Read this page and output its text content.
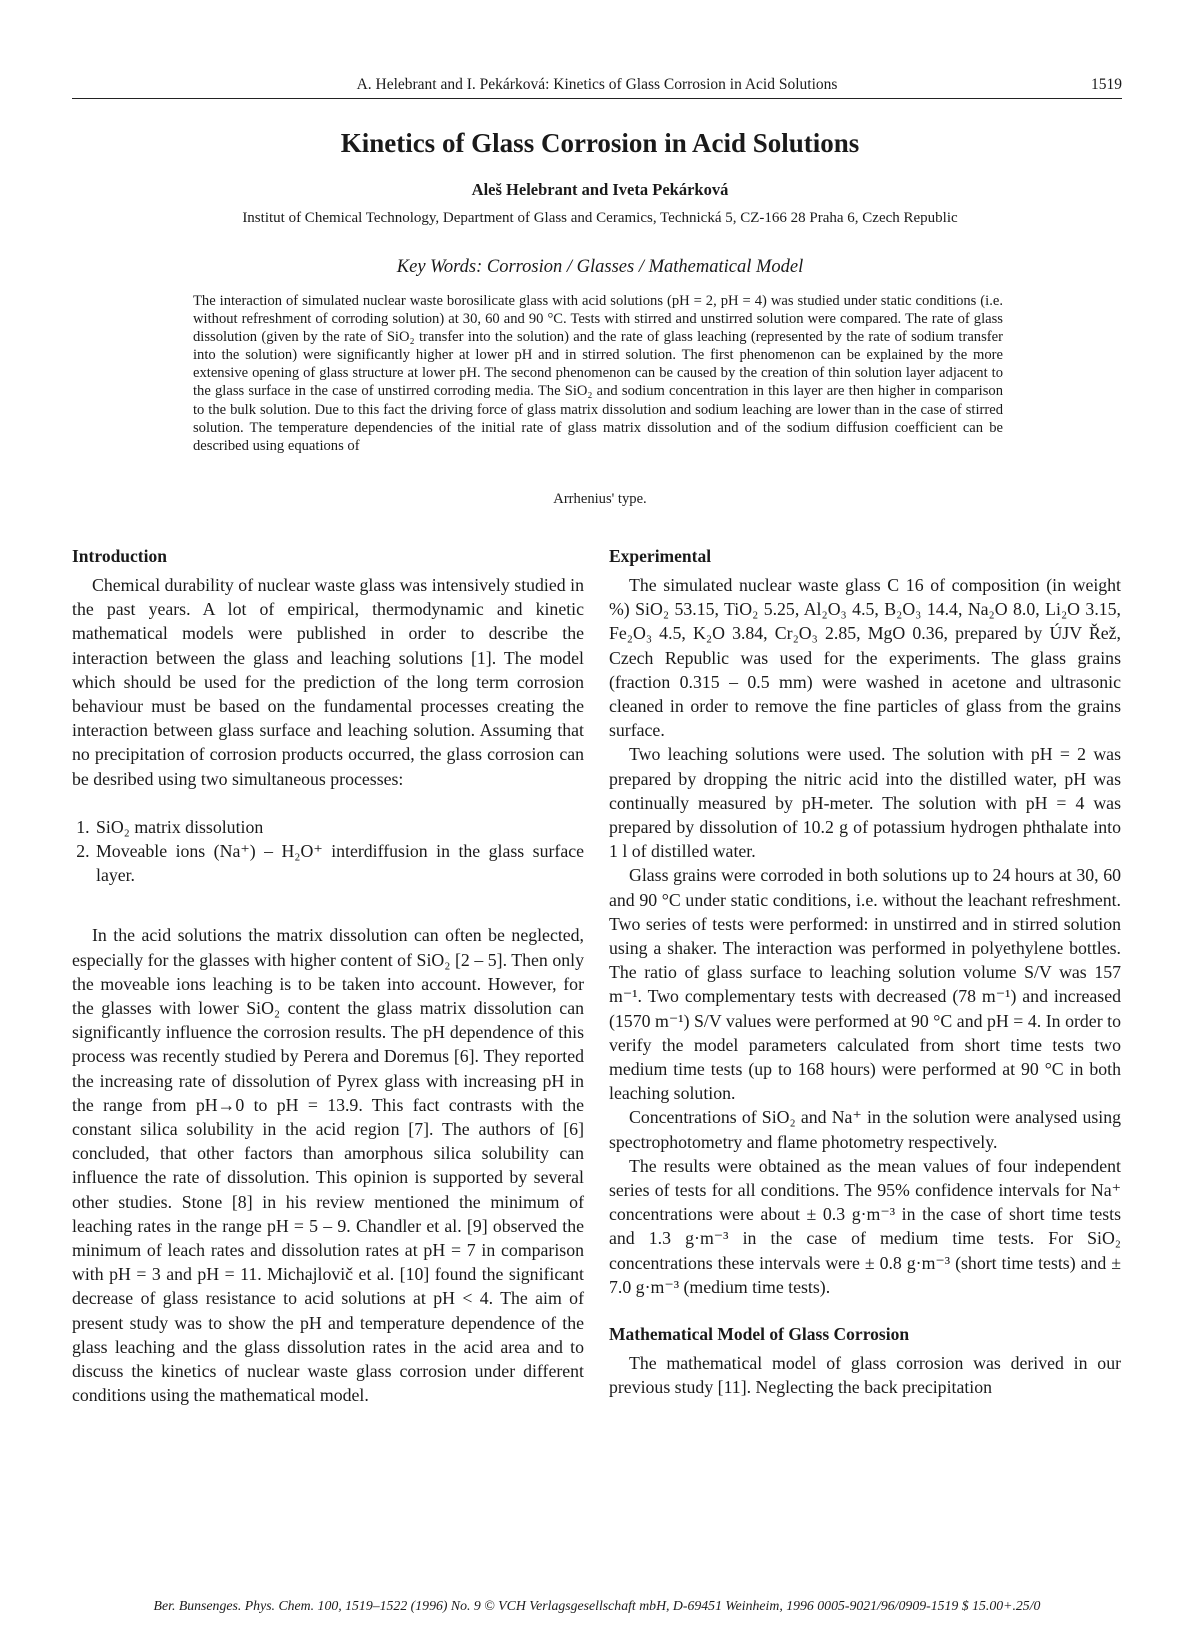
A. Helebrant and I. Pekárková: Kinetics of Glass Corrosion in Acid Solutions	1519
Kinetics of Glass Corrosion in Acid Solutions
Aleš Helebrant and Iveta Pekárková
Institut of Chemical Technology, Department of Glass and Ceramics, Technická 5, CZ-166 28 Praha 6, Czech Republic
Key Words: Corrosion / Glasses / Mathematical Model

The interaction of simulated nuclear waste borosilicate glass with acid solutions (pH = 2, pH = 4) was studied under static conditions (i.e. without refreshment of corroding solution) at 30, 60 and 90 °C. Tests with stirred and unstirred solution were compared. The rate of glass dissolution (given by the rate of SiO₂ transfer into the solution) and the rate of glass leaching (represented by the rate of sodium transfer into the solution) were significantly higher at lower pH and in stirred solution. The first phenomenon can be explained by the more extensive opening of glass structure at lower pH. The second phenomenon can be caused by the creation of thin solution layer adjacent to the glass surface in the case of unstirred corroding media. The SiO₂ and sodium concentration in this layer are then higher in comparison to the bulk solution. Due to this fact the driving force of glass matrix dissolution and sodium leaching are lower than in the case of stirred solution. The temperature dependencies of the initial rate of glass matrix dissolution and of the sodium diffusion coefficient can be described using equations of

Arrhenius' type.
Introduction

Chemical durability of nuclear waste glass was intensively studied in the past years. A lot of empirical, thermodynamic and kinetic mathematical models were published in order to describe the interaction between the glass and leaching solutions [1]. The model which should be used for the prediction of the long term corrosion behaviour must be based on the fundamental processes creating the interaction between glass surface and leaching solution. Assuming that no precipitation of corrosion products occurred, the glass corrosion can be desribed using two simultaneous processes:

1. SiO₂ matrix dissolution
2. Moveable ions (Na⁺) – H₂O⁺ interdiffusion in the glass surface layer.

In the acid solutions the matrix dissolution can often be neglected, especially for the glasses with higher content of SiO₂ [2 – 5]. Then only the moveable ions leaching is to be taken into account. However, for the glasses with lower SiO₂ content the glass matrix dissolution can significantly influence the corrosion results. The pH dependence of this process was recently studied by Perera and Doremus [6]. They reported the increasing rate of dissolution of Pyrex glass with increasing pH in the range from pH→0 to pH = 13.9. This fact contrasts with the constant silica solubility in the acid region [7]. The authors of [6] concluded, that other factors than amorphous silica solubility can influence the rate of dissolution. This opinion is supported by several other studies. Stone [8] in his review mentioned the minimum of leaching rates in the range pH = 5 – 9. Chandler et al. [9] observed the minimum of leach rates and dissolution rates at pH = 7 in comparison with pH = 3 and pH = 11. Michajlovič et al. [10] found the significant decrease of glass resistance to acid solutions at pH < 4. The aim of present study was to show the pH and temperature dependence of the glass leaching and the glass dissolution rates in the acid area and to discuss the kinetics of nuclear waste glass corrosion under different conditions using the mathematical model.

Experimental

The simulated nuclear waste glass C 16 of composition (in weight %) SiO₂ 53.15, TiO₂ 5.25, Al₂O₃ 4.5, B₂O₃ 14.4, Na₂O 8.0, Li₂O 3.15, Fe₂O₃ 4.5, K₂O 3.84, Cr₂O₃ 2.85, MgO 0.36, prepared by ÚJV Řež, Czech Republic was used for the experiments. The glass grains (fraction 0.315 – 0.5 mm) were washed in acetone and ultrasonic cleaned in order to remove the fine particles of glass from the grains surface.

Two leaching solutions were used. The solution with pH = 2 was prepared by dropping the nitric acid into the distilled water, pH was continually measured by pH-meter. The solution with pH = 4 was prepared by dissolution of 10.2 g of potassium hydrogen phthalate into 1 l of distilled water.

Glass grains were corroded in both solutions up to 24 hours at 30, 60 and 90 °C under static conditions, i.e. without the leachant refreshment. Two series of tests were performed: in unstirred and in stirred solution using a shaker. The interaction was performed in polyethylene bottles. The ratio of glass surface to leaching solution volume S/V was 157 m⁻¹. Two complementary tests with decreased (78 m⁻¹) and increased (1570 m⁻¹) S/V values were performed at 90 °C and pH = 4. In order to verify the model parameters calculated from short time tests two medium time tests (up to 168 hours) were performed at 90 °C in both leaching solution.

Concentrations of SiO₂ and Na⁺ in the solution were analysed using spectrophotometry and flame photometry respectively.

The results were obtained as the mean values of four independent series of tests for all conditions. The 95% confidence intervals for Na⁺ concentrations were about ± 0.3 g·m⁻³ in the case of short time tests and 1.3 g·m⁻³ in the case of medium time tests. For SiO₂ concentrations these intervals were ± 0.8 g·m⁻³ (short time tests) and ± 7.0 g·m⁻³ (medium time tests).

Mathematical Model of Glass Corrosion

The mathematical model of glass corrosion was derived in our previous study [11]. Neglecting the back precipitation

Ber. Bunsenges. Phys. Chem. 100, 1519–1522 (1996) No. 9 © VCH Verlagsgesellschaft mbH, D-69451 Weinheim, 1996 0005-9021/96/0909-1519 $ 15.00+.25/0
